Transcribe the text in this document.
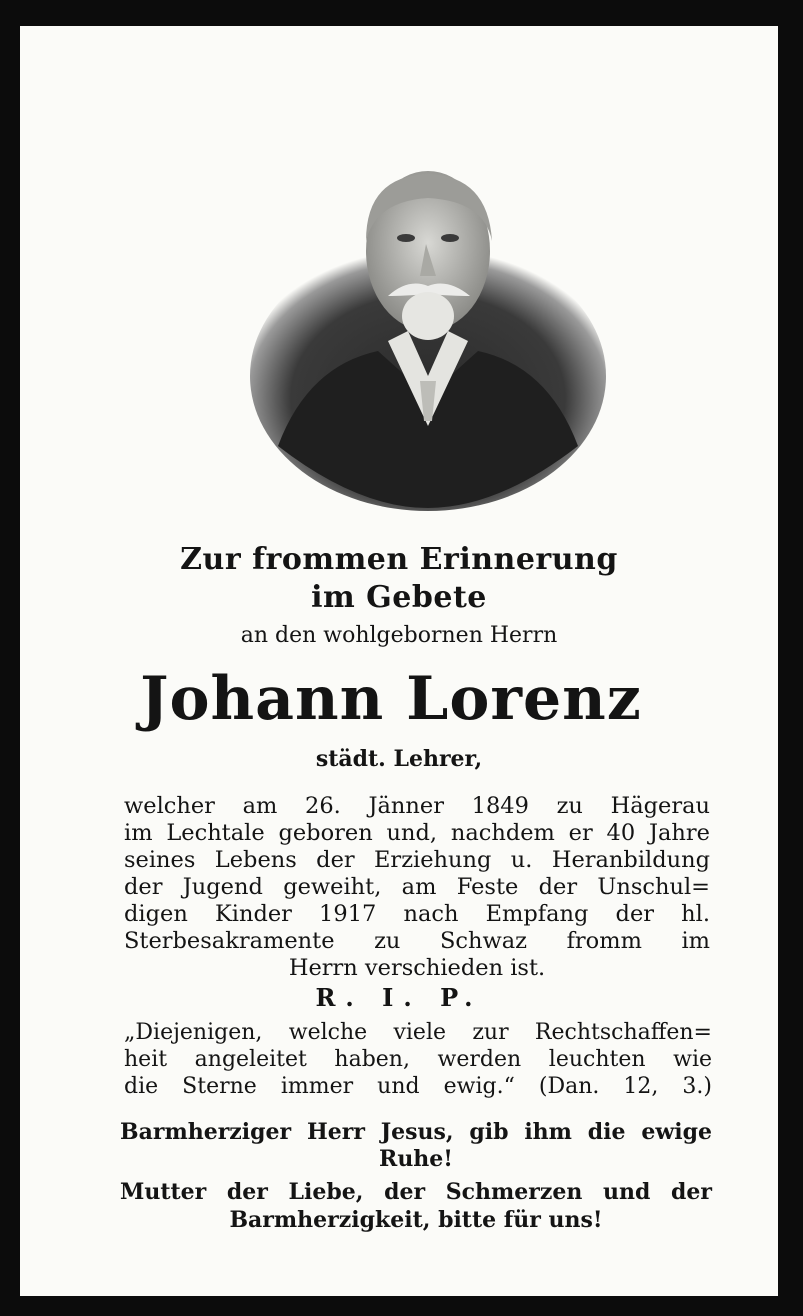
Zur frommen Erinnerung
im Gebete
an den wohlgebornen Herrn
Johann Lorenz
städt. Lehrer,
welcher am 26. Jänner 1849 zu Hägerau
im Lechtale geboren und, nachdem er 40 Jahre
seines Lebens der Erziehung u. Heranbildung
der Jugend geweiht, am Feste der Unschul=
digen Kinder 1917 nach Empfang der hl.
Sterbesakramente zu Schwaz fromm im
Herrn verschieden ist.
R. I. P.
„Diejenigen, welche viele zur Rechtschaffen=
heit angeleitet haben, werden leuchten wie
die Sterne immer und ewig.“ (Dan. 12, 3.)
Barmherziger Herr Jesus, gib ihm die ewige
Ruhe!
Mutter der Liebe, der Schmerzen und der
Barmherzigkeit, bitte für uns!
